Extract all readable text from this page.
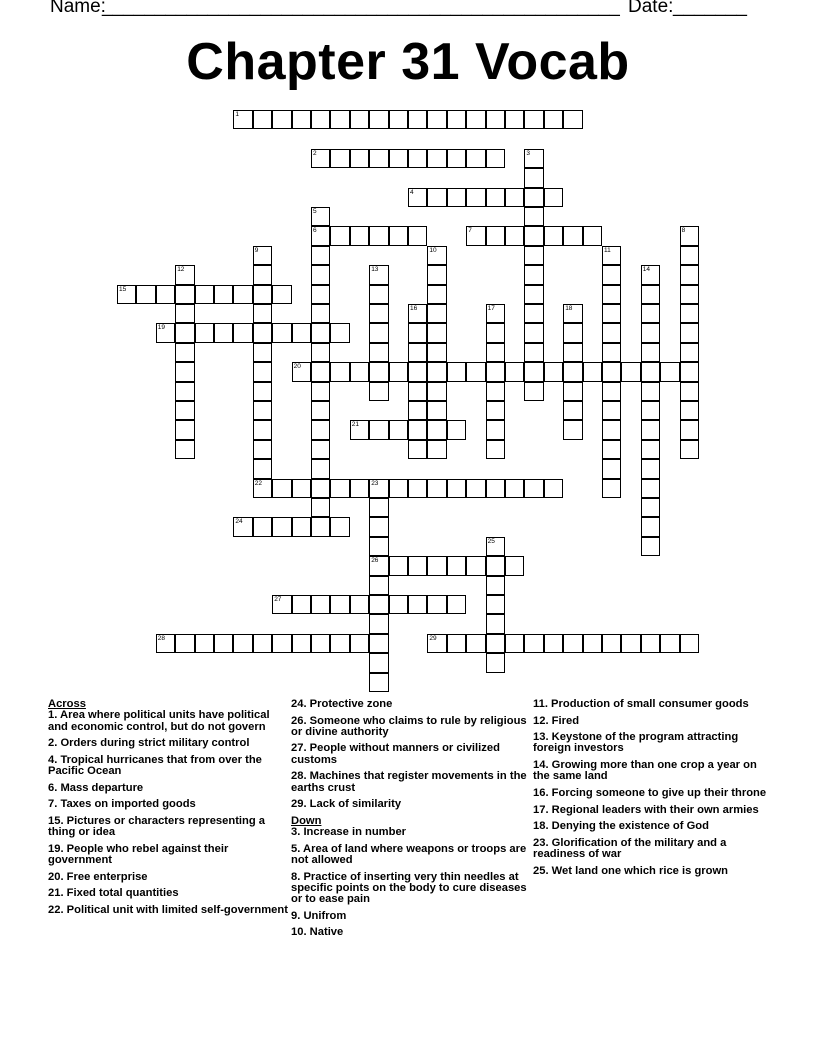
Name:
_________________________________________________ Date: _______
Chapter 31 Vocab
1
2	3
4
5
6	7	8
9	10	11
12	13	14
15
16	17	18
19
20
21
22	23
26
24
25
27
28	29
Across
1. Area where political units have political and economic control, but do not govern
2. Orders during strict military control
4. Tropical hurricanes that from over the Pacific Ocean
6. Mass departure
7. Taxes on imported goods
15. Pictures or characters representing a thing or idea
19. People who rebel against their government
20. Free enterprise
21. Fixed total quantities
22. Political unit with limited self-government
24. Protective zone
26. Someone who claims to rule by religious or divine authority
27. People without manners or civilized customs
28. Machines that register movements in the earths crust
29. Lack of similarity
Down
3. Increase in number
5. Area of land where weapons or troops are not allowed
8. Practice of inserting very thin needles at specific points on the body to cure diseases or to ease pain
9. Unifrom
10. Native
11. Production of small consumer goods
12. Fired
13. Keystone of the program attracting foreign investors
14. Growing more than one crop a year on the same land
16. Forcing someone to give up their throne
17. Regional leaders with their own armies
18. Denying the existence of God
23. Glorification of the military and a readiness of war
25. Wet land one which rice is grown
